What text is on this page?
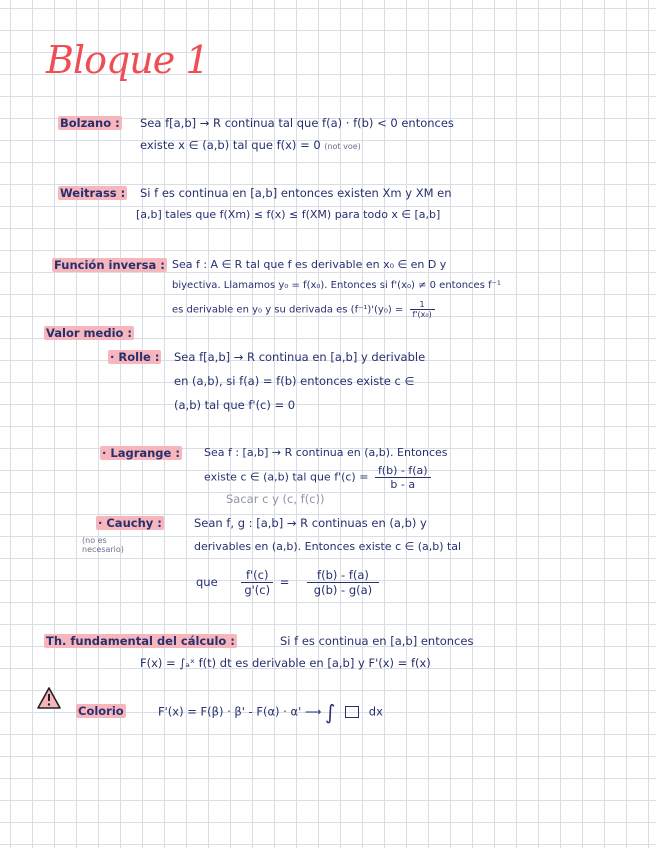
Bloque 1
Bolzano : Sea f[a,b] → R continua tal que f(a) · f(b) < 0 entonces
existe x ∈ (a,b) tal que f(x) = 0 (not voe)
Weitrass : Si f es continua en [a,b] entonces existen Xm y XM en
[a,b] tales que f(Xm) ≤ f(x) ≤ f(XM) para todo x ∈ [a,b]
Función inversa : Sea f : A ∈ R tal que f es derivable en x₀ ∈ en D y
biyectiva. Llamamos y₀ = f(x₀). Entonces si f'(x₀) ≠ 0 entonces f⁻¹
es derivable en y₀ y su derivada es $(f^{-1})'(y_0) = \frac{1}{\text{f'(x₀)}}$
Valor medio :
· Rolle : Sea f[a,b] → R continua en [a,b] y derivable
en (a,b), si f(a) = f(b) entonces existe c ∈
(a,b) tal que f'(c) = 0
· Lagrange : Sea f : [a,b] → R continua en (a,b). Entonces
existe c ∈ (a,b) tal que $f'(c) = \frac{f(b) - f(a)}{b - a}$
Sacar c y (c, f(c))
· Cauchy :
(no es necesario)
Sean f, g : [a,b] → R continuas en (a,b) y
derivables en (a,b). Entonces existe c ∈ (a,b) tal
que $\frac{f'(c)}{g'(c)} = \frac{f(b) - f(a)}{g(b) - g(a)}$
Th. fundamental del cálculo :	Si f es continua en [a,b] entonces
F(x) = ∫ₐˣ f(t) dt es derivable en [a,b] y F'(x) = f(x)
Colorio	F'(x) = F(β) · β' - F(α) · α' ⟶ ∫	dx
